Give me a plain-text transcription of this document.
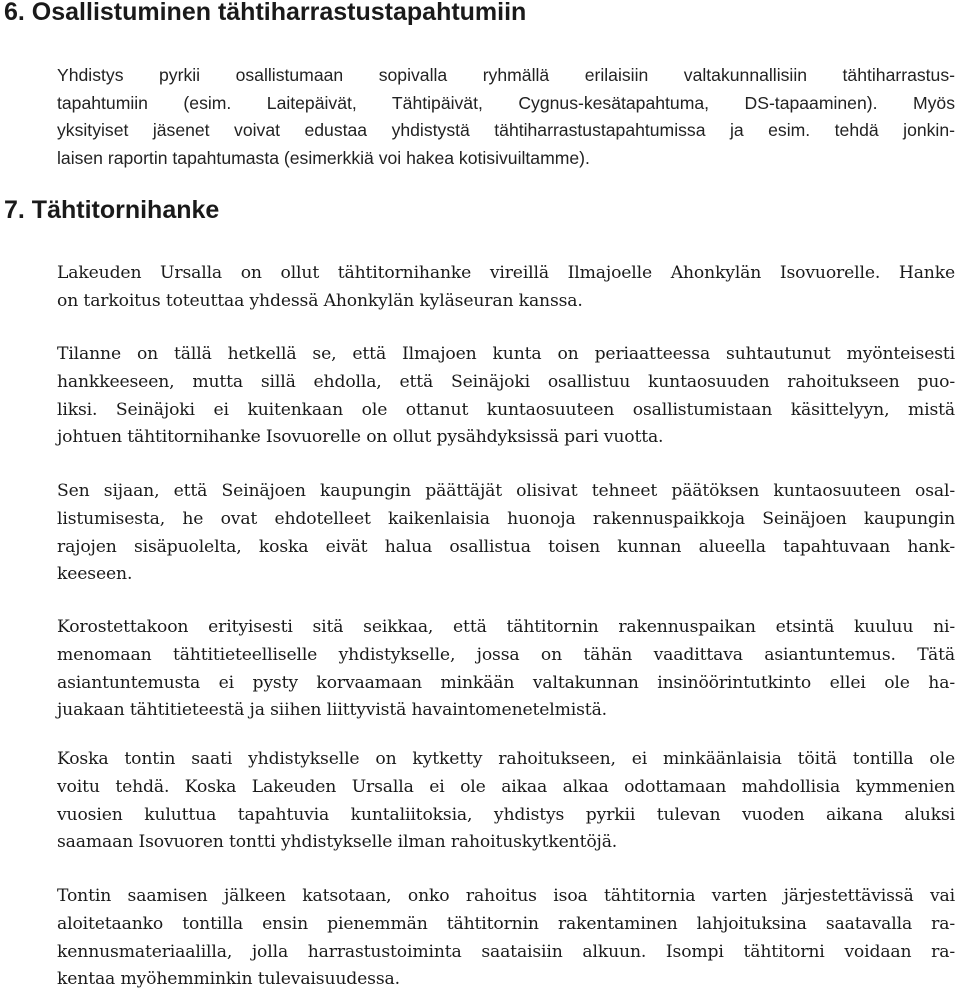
6. Osallistuminen tähtiharrastustapahtumiin
Yhdistys pyrkii osallistumaan sopivalla ryhmällä erilaisiin valtakunnallisiin tähtiharrastus-
tapahtumiin (esim. Laitepäivät, Tähtipäivät, Cygnus-kesätapahtuma, DS-tapaaminen). Myös
yksityiset jäsenet voivat edustaa yhdistystä tähtiharrastustapahtumissa ja esim. tehdä jonkin-
laisen raportin tapahtumasta (esimerkkiä voi hakea kotisivuiltamme).
7. Tähtitornihanke
Lakeuden Ursalla on ollut tähtitornihanke vireillä Ilmajoelle Ahonkylän Isovuorelle. Hanke
on tarkoitus toteuttaa yhdessä Ahonkylän kyläseuran kanssa.
Tilanne on tällä hetkellä se, että Ilmajoen kunta on periaatteessa suhtautunut myönteisesti
hankkeeseen, mutta sillä ehdolla, että Seinäjoki osallistuu kuntaosuuden rahoitukseen puo-
liksi. Seinäjoki ei kuitenkaan ole ottanut kuntaosuuteen osallistumistaan käsittelyyn, mistä
johtuen tähtitornihanke Isovuorelle on ollut pysähdyksissä pari vuotta.
Sen sijaan, että Seinäjoen kaupungin päättäjät olisivat tehneet päätöksen kuntaosuuteen osal-
listumisesta, he ovat ehdotelleet kaikenlaisia huonoja rakennuspaikkoja Seinäjoen kaupungin
rajojen sisäpuolelta, koska eivät halua osallistua toisen kunnan alueella tapahtuvaan hank-
keeseen.
Korostettakoon erityisesti sitä seikkaa, että tähtitornin rakennuspaikan etsintä kuuluu ni-
menomaan tähtitieteelliselle yhdistykselle, jossa on tähän vaadittava asiantuntemus. Tätä
asiantuntemusta ei pysty korvaamaan minkään valtakunnan insinöörintutkinto ellei ole ha-
juakaan tähtitieteestä ja siihen liittyvistä havaintomenetelmistä.
Koska tontin saati yhdistykselle on kytketty rahoitukseen, ei minkäänlaisia töitä tontilla ole
voitu tehdä. Koska Lakeuden Ursalla ei ole aikaa alkaa odottamaan mahdollisia kymmenien
vuosien kuluttua tapahtuvia kuntaliitoksia, yhdistys pyrkii tulevan vuoden aikana aluksi
saamaan Isovuoren tontti yhdistykselle ilman rahoituskytkentöjä.
Tontin saamisen jälkeen katsotaan, onko rahoitus isoa tähtitornia varten järjestettävissä vai
aloitetaanko tontilla ensin pienemmän tähtitornin rakentaminen lahjoituksina saatavalla ra-
kennusmateriaalilla, jolla harrastustoiminta saataisiin alkuun. Isompi tähtitorni voidaan ra-
kentaa myöhemminkin tulevaisuudessa.
